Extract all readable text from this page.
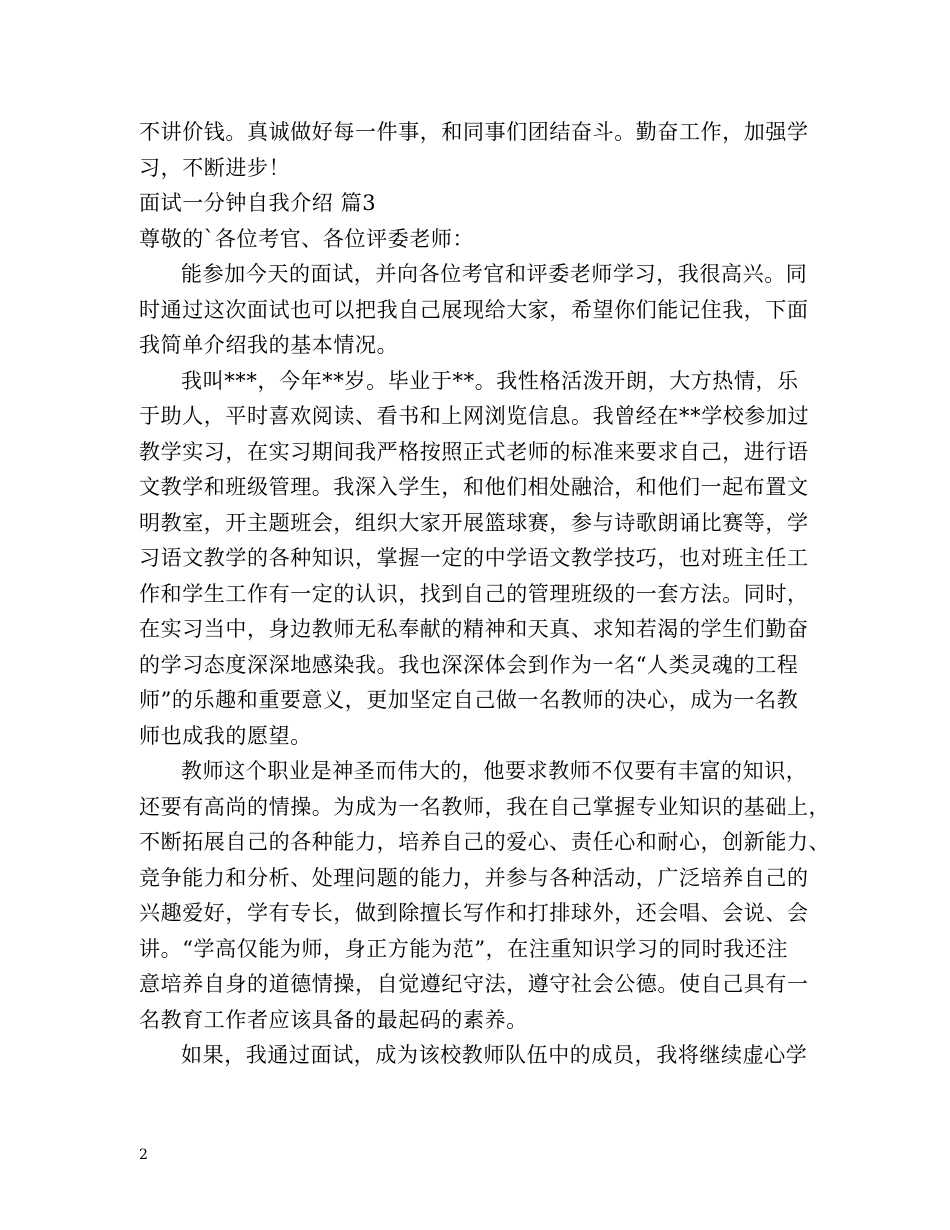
不讲价钱。真诚做好每一件事，和同事们团结奋斗。勤奋工作，加强学
习，不断进步！
面试一分钟自我介绍 篇3
尊敬的`各位考官、各位评委老师：
能参加今天的面试，并向各位考官和评委老师学习，我很高兴。同
时通过这次面试也可以把我自己展现给大家，希望你们能记住我，下面
我简单介绍我的基本情况。
我叫***，今年**岁。毕业于**。我性格活泼开朗，大方热情，乐
于助人，平时喜欢阅读、看书和上网浏览信息。我曾经在**学校参加过
教学实习，在实习期间我严格按照正式老师的标准来要求自己，进行语
文教学和班级管理。我深入学生，和他们相处融洽，和他们一起布置文
明教室，开主题班会，组织大家开展篮球赛，参与诗歌朗诵比赛等，学
习语文教学的各种知识，掌握一定的中学语文教学技巧，也对班主任工
作和学生工作有一定的认识，找到自己的管理班级的一套方法。同时，
在实习当中，身边教师无私奉献的精神和天真、求知若渴的学生们勤奋
的学习态度深深地感染我。我也深深体会到作为一名“人类灵魂的工程
师”的乐趣和重要意义，更加坚定自己做一名教师的决心，成为一名教
师也成我的愿望。
教师这个职业是神圣而伟大的，他要求教师不仅要有丰富的知识，
还要有高尚的情操。为成为一名教师，我在自己掌握专业知识的基础上，
不断拓展自己的各种能力，培养自己的爱心、责任心和耐心，创新能力、
竞争能力和分析、处理问题的能力，并参与各种活动，广泛培养自己的
兴趣爱好，学有专长，做到除擅长写作和打排球外，还会唱、会说、会
讲。“学高仅能为师，身正方能为范”，在注重知识学习的同时我还注
意培养自身的道德情操，自觉遵纪守法，遵守社会公德。使自己具有一
名教育工作者应该具备的最起码的素养。
如果，我通过面试，成为该校教师队伍中的成员，我将继续虚心学
2
